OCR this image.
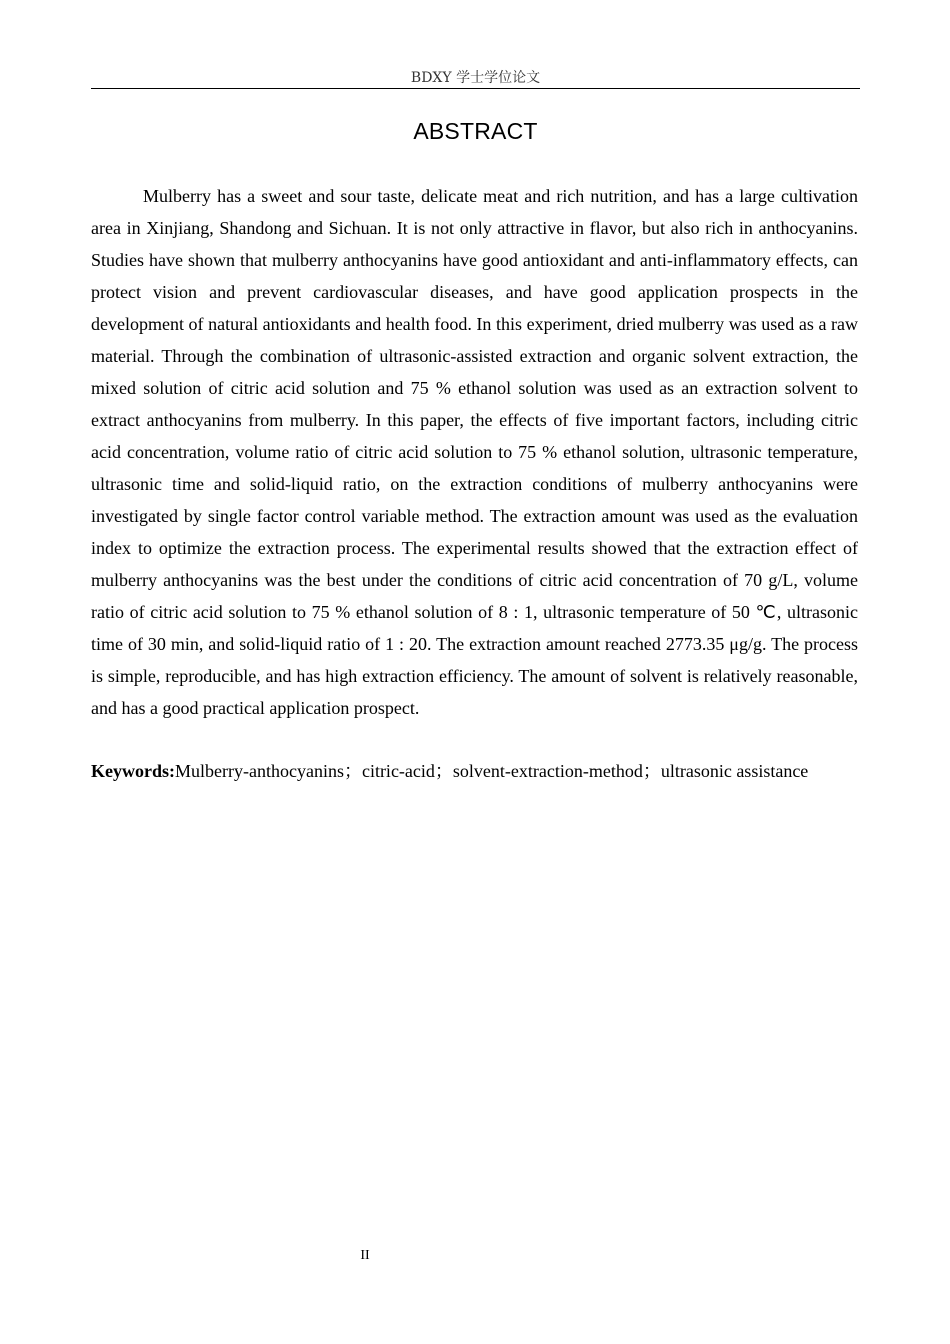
BDXY 学士学位论文
ABSTRACT

Mulberry has a sweet and sour taste, delicate meat and rich nutrition, and has a large cultivation area in Xinjiang, Shandong and Sichuan. It is not only attractive in flavor, but also rich in anthocyanins. Studies have shown that mulberry anthocyanins have good antioxidant and anti-inflammatory effects, can protect vision and prevent cardiovascular diseases, and have good application prospects in the development of natural antioxidants and health food. In this experiment, dried mulberry was used as a raw material. Through the combination of ultrasonic-assisted extraction and organic solvent extraction, the mixed solution of citric acid solution and 75 % ethanol solution was used as an extraction solvent to extract anthocyanins from mulberry. In this paper, the effects of five important factors, including citric acid concentration, volume ratio of citric acid solution to 75 % ethanol solution, ultrasonic temperature, ultrasonic time and solid-liquid ratio, on the extraction conditions of mulberry anthocyanins were investigated by single factor control variable method. The extraction amount was used as the evaluation index to optimize the extraction process. The experimental results showed that the extraction effect of mulberry anthocyanins was the best under the conditions of citric acid concentration of 70 g/L, volume ratio of citric acid solution to 75 % ethanol solution of 8 : 1, ultrasonic temperature of 50 ℃, ultrasonic time of 30 min, and solid-liquid ratio of 1 : 20. The extraction amount reached 2773.35 μg/g. The process is simple, reproducible, and has high extraction efficiency. The amount of solvent is relatively reasonable, and has a good practical application prospect.

Keywords:Mulberry-anthocyanins；citric-acid；solvent-extraction-method；ultrasonic assistance

II
